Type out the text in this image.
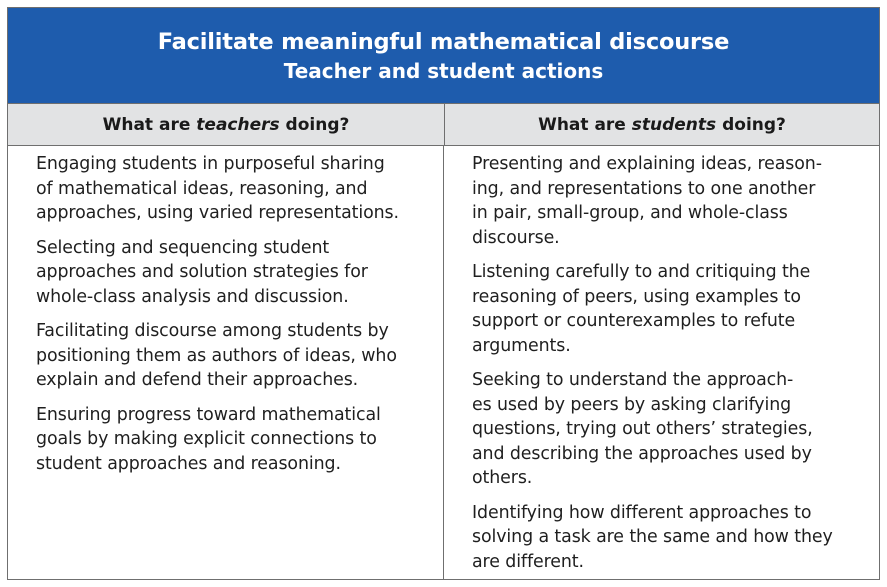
Facilitate meaningful mathematical discourse
Teacher and student actions
What are teachers doing?	What are students doing?

Engaging students in purposeful sharing
of mathematical ideas, reasoning, and
approaches, using varied representations.

Selecting and sequencing student
approaches and solution strategies for
whole-class analysis and discussion.

Facilitating discourse among students by
positioning them as authors of ideas, who
explain and defend their approaches.

Ensuring progress toward mathematical
goals by making explicit connections to
student approaches and reasoning.

Presenting and explaining ideas, reason-
ing, and representations to one another
in pair, small-group, and whole-class
discourse.

Listening carefully to and critiquing the
reasoning of peers, using examples to
support or counterexamples to refute
arguments.

Seeking to understand the approach-
es used by peers by asking clarifying
questions, trying out others’ strategies,
and describing the approaches used by
others.

Identifying how different approaches to
solving a task are the same and how they
are different.
